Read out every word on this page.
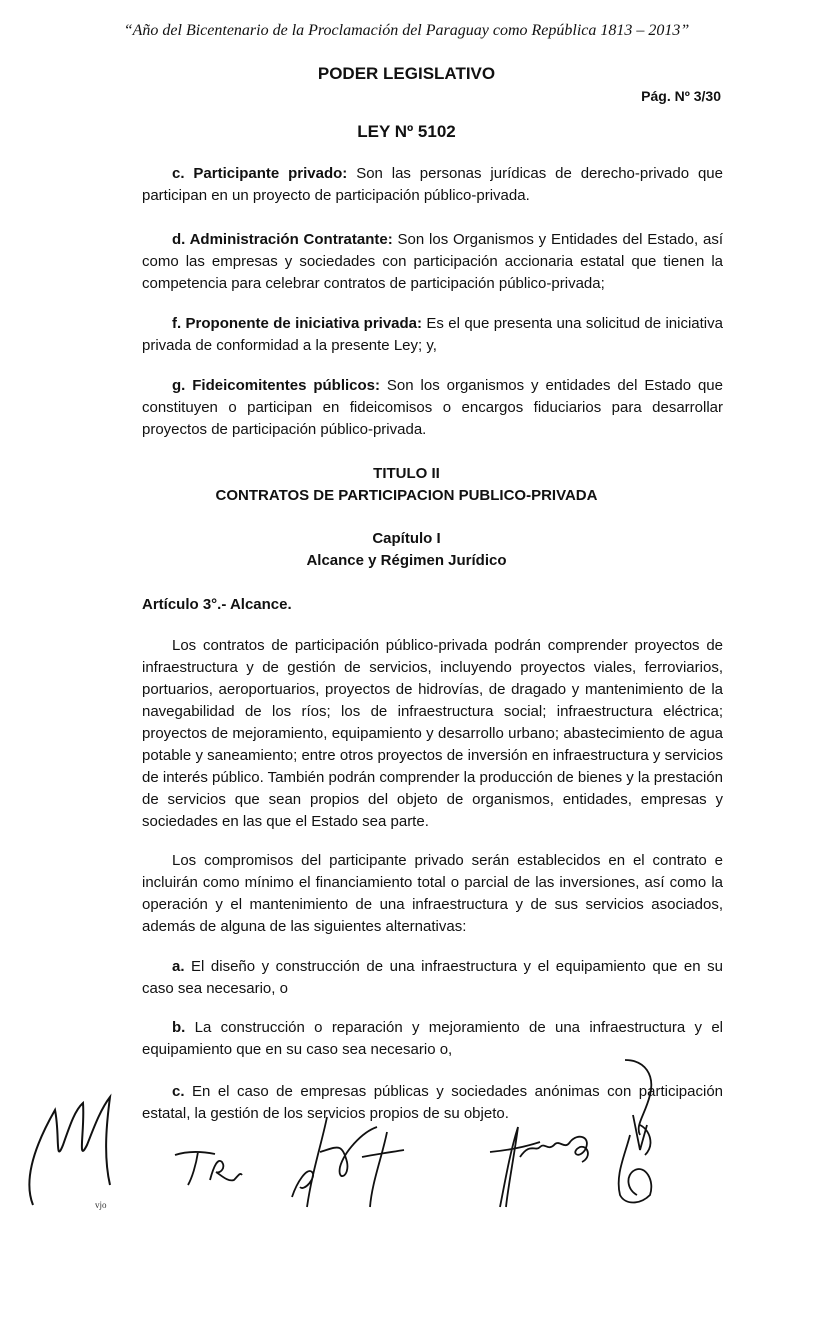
“Año del Bicentenario de la Proclamación del Paraguay como República 1813 – 2013”
PODER LEGISLATIVO
Pág. Nº 3/30
LEY Nº 5102

c. Participante privado: Son las personas jurídicas de derecho-privado que participan en un proyecto de participación público-privada.

d. Administración Contratante: Son los Organismos y Entidades del Estado, así como las empresas y sociedades con participación accionaria estatal que tienen la competencia para celebrar contratos de participación público-privada;

f. Proponente de iniciativa privada: Es el que presenta una solicitud de iniciativa privada de conformidad a la presente Ley; y,

g. Fideicomitentes públicos: Son los organismos y entidades del Estado que constituyen o participan en fideicomisos o encargos fiduciarios para desarrollar proyectos de participación público-privada.

TITULO II
CONTRATOS DE PARTICIPACION PUBLICO-PRIVADA
Capítulo I
Alcance y Régimen Jurídico
Artículo 3°.- Alcance.

Los contratos de participación público-privada podrán comprender proyectos de infraestructura y de gestión de servicios, incluyendo proyectos viales, ferroviarios, portuarios, aeroportuarios, proyectos de hidrovías, de dragado y mantenimiento de la navegabilidad de los ríos; los de infraestructura social; infraestructura eléctrica; proyectos de mejoramiento, equipamiento y desarrollo urbano; abastecimiento de agua potable y saneamiento; entre otros proyectos de inversión en infraestructura y servicios de interés público. También podrán comprender la producción de bienes y la prestación de servicios que sean propios del objeto de organismos, entidades, empresas y sociedades en las que el Estado sea parte.

Los compromisos del participante privado serán establecidos en el contrato e incluirán como mínimo el financiamiento total o parcial de las inversiones, así como la operación y el mantenimiento de una infraestructura y de sus servicios asociados, además de alguna de las siguientes alternativas:

a. El diseño y construcción de una infraestructura y el equipamiento que en su caso sea necesario, o

b. La construcción o reparación y mejoramiento de una infraestructura y el equipamiento que en su caso sea necesario o,

c. En el caso de empresas públicas y sociedades anónimas con participación estatal, la gestión de los servicios propios de su objeto.

vjo
